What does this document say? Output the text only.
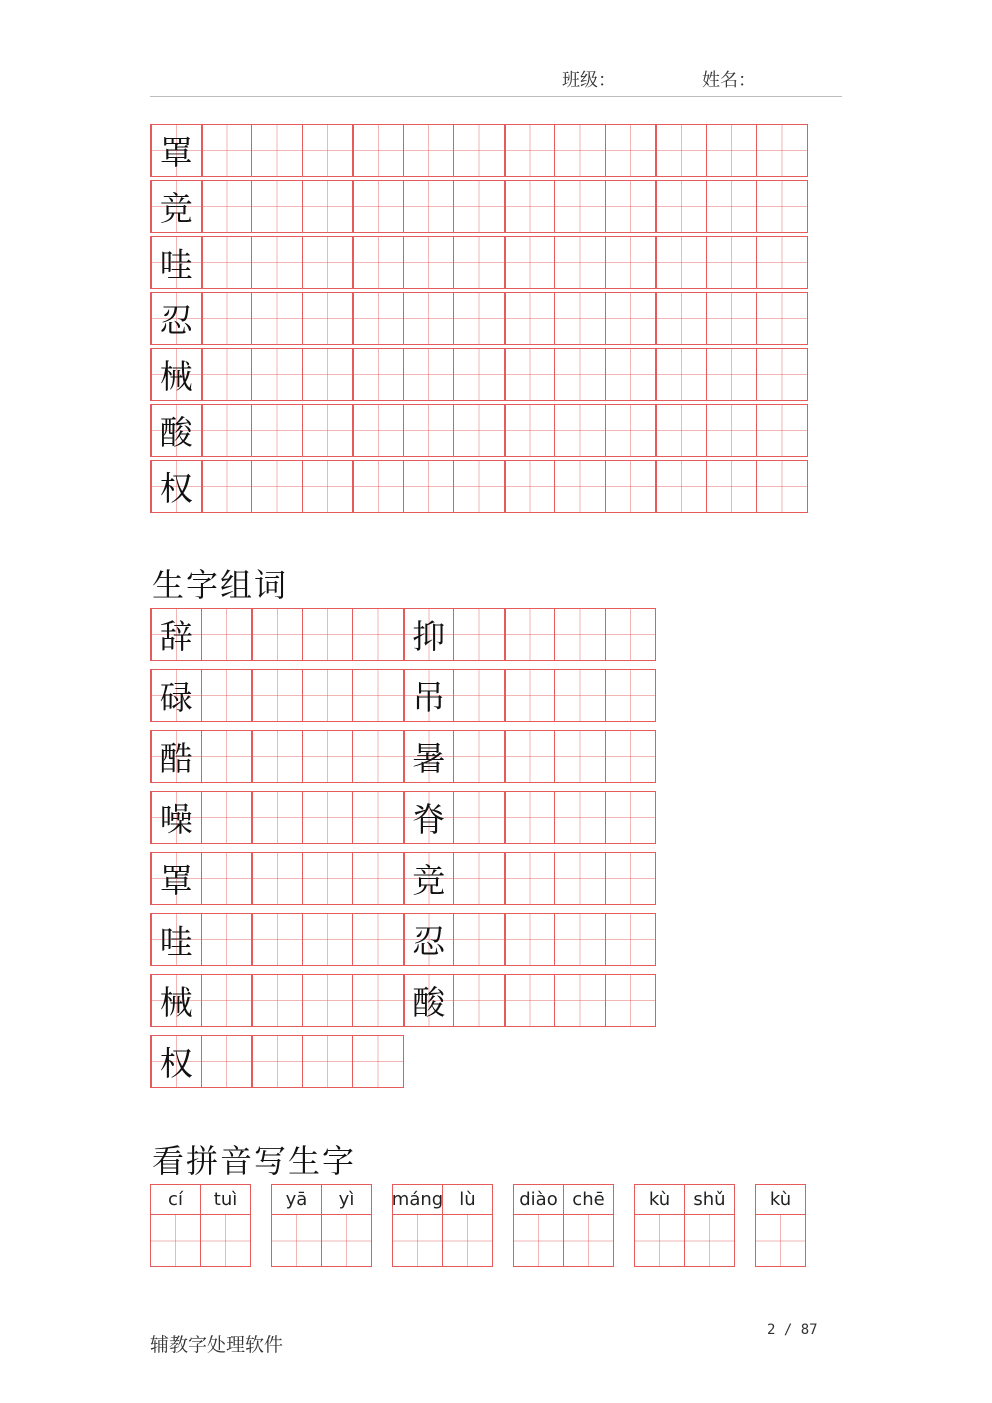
班级：	姓名：
罩
竞
哇
忍
械
酸
权
生字组词
辞	抑
碌	吊
酷	暑
噪	脊
罩	竞
哇	忍
械	酸
权
看拼音写生字
cí	tuì	yā	yì	máng lù	diào chē	kù	shǔ	kù
辅教字处理软件
2 / 87
